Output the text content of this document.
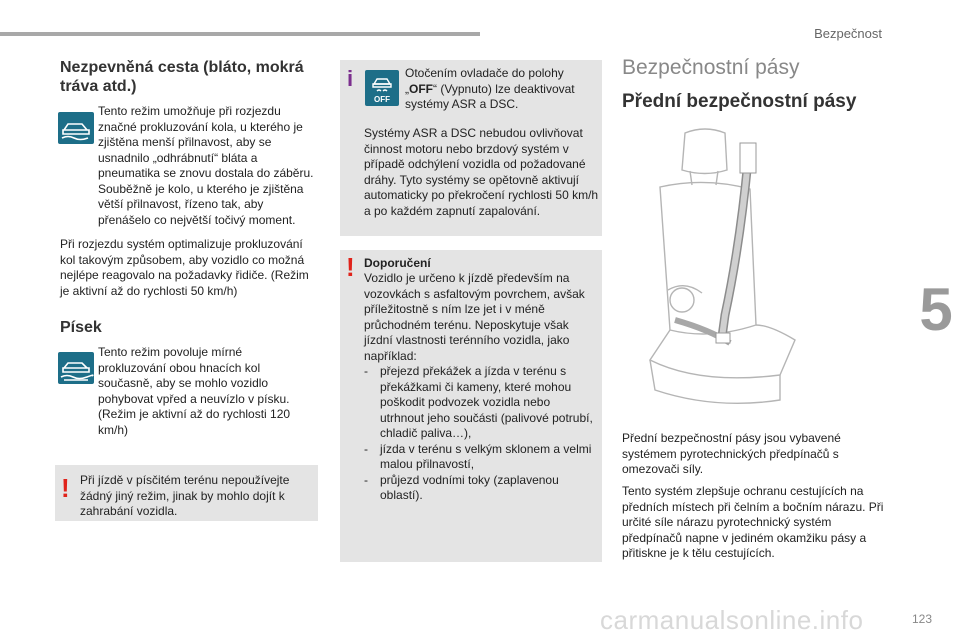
Bezpečnost
5
Nezpevněná cesta (bláto, mokrá tráva atd.)

Tento režim umožňuje při rozjezdu značné prokluzování kola, u kterého je zjištěna menší přilnavost, aby se usnadnilo „odhrábnutí“ bláta a pneumatika se znovu dostala do záběru. Souběžně je kolo, u kterého je zjištěna větší přilnavost, řízeno tak, aby přenášelo co největší točivý moment.

Při rozjezdu systém optimalizuje prokluzování kol takovým způsobem, aby vozidlo co možná nejlépe reagovalo na požadavky řidiče. (Režim je aktivní až do rychlosti 50 km/h)

Písek

Tento režim povoluje mírné prokluzování obou hnacích kol současně, aby se mohlo vozidlo pohybovat vpřed a neuvízlo v písku. (Režim je aktivní až do rychlosti 120 km/h)

! Při jízdě v písčitém terénu nepoužívejte žádný jiný režim, jinak by mohlo dojít k zahrabání vozidla.

i
OFF

Otočením ovladače do polohy „OFF“ (Vypnuto) lze deaktivovat systémy ASR a DSC.

Systémy ASR a DSC nebudou ovlivňovat činnost motoru nebo brzdový systém v případě odchýlení vozidla od požadované dráhy. Tyto systémy se opětovně aktivují automaticky po překročení rychlosti 50 km/h a po každém zapnutí zapalování.

! Doporučení

Vozidlo je určeno k jízdě především na vozovkách s asfaltovým povrchem, avšak příležitostně s ním lze jet i v méně průchodném terénu. Neposkytuje však jízdní vlastnosti terénního vozidla, jako například:

- přejezd překážek a jízda v terénu s překážkami či kameny, které mohou poškodit podvozek vozidla nebo utrhnout jeho součásti (palivové potrubí, chladič paliva…),
- jízda v terénu s velkým sklonem a velmi malou přilnavostí,
- průjezd vodními toky (zaplavenou oblastí).
Bezpečnostní pásy
Přední bezpečnostní pásy

Přední bezpečnostní pásy jsou vybavené systémem pyrotechnických předpínačů s omezovači síly.

Tento systém zlepšuje ochranu cestujících na předních místech při čelním a bočním nárazu. Při určité síle nárazu pyrotechnický systém předpínačů napne v jediném okamžiku pásy a přitiskne je k tělu cestujících.

carmanualsonline.info	123
